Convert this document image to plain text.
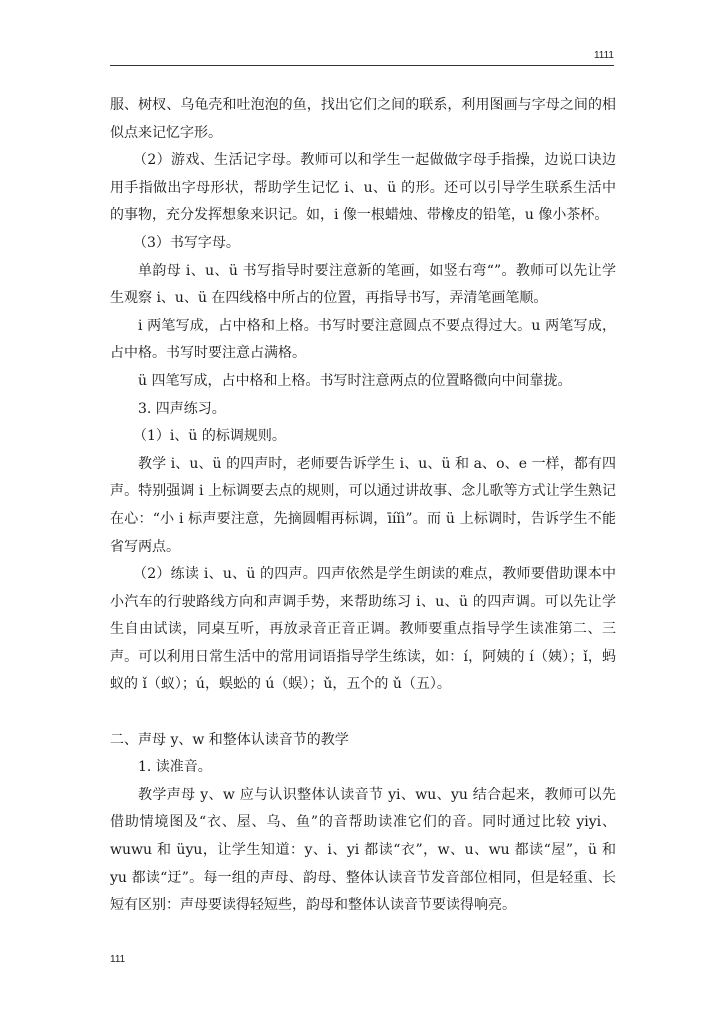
1111

服、树杈、乌龟壳和吐泡泡的鱼，找出它们之间的联系，利用图画与字母之间的相似点来记忆字形。

（2）游戏、生活记字母。教师可以和学生一起做做字母手指操，边说口诀边用手指做出字母形状，帮助学生记忆 i、u、ü 的形。还可以引导学生联系生活中的事物，充分发挥想象来识记。如，i 像一根蜡烛、带橡皮的铅笔，u 像小茶杯。

（3）书写字母。

单韵母 i、u、ü 书写指导时要注意新的笔画，如竖右弯“”。教师可以先让学生观察 i、u、ü 在四线格中所占的位置，再指导书写，弄清笔画笔顺。

i 两笔写成，占中格和上格。书写时要注意圆点不要点得过大。u 两笔写成，占中格。书写时要注意占满格。

ü 四笔写成，占中格和上格。书写时注意两点的位置略微向中间靠拢。

3. 四声练习。

（1）i、ü 的标调规则。

教学 i、u、ü 的四声时，老师要告诉学生 i、u、ü 和 a、o、e 一样，都有四声。特别强调 i 上标调要去点的规则，可以通过讲故事、念儿歌等方式让学生熟记在心：“小 i 标声要注意，先摘圆帽再标调，īíǐì”。而 ü 上标调时，告诉学生不能省写两点。

（2）练读 i、u、ü 的四声。四声依然是学生朗读的难点，教师要借助课本中小汽车的行驶路线方向和声调手势，来帮助练习 i、u、ü 的四声调。可以先让学生自由试读，同桌互听，再放录音正音正调。教师要重点指导学生读准第二、三声。可以利用日常生活中的常用词语指导学生练读，如：í，阿姨的 í（姨）；ǐ，蚂蚁的 ǐ（蚁）；ú，蜈蚣的 ú（蜈）；ǔ，五个的 ǔ（五）。

二、声母 y、w 和整体认读音节的教学

1. 读准音。

教学声母 y、w 应与认识整体认读音节 yi、wu、yu 结合起来，教师可以先借助情境图及“衣、屋、乌、鱼”的音帮助读准它们的音。同时通过比较 yiyi、wuwu 和 üyu，让学生知道：y、i、yi 都读“衣”，w、u、wu 都读“屋”，ü 和 yu 都读“迂”。每一组的声母、韵母、整体认读音节发音部位相同，但是轻重、长短有区别：声母要读得轻短些，韵母和整体认读音节要读得响亮。

111
